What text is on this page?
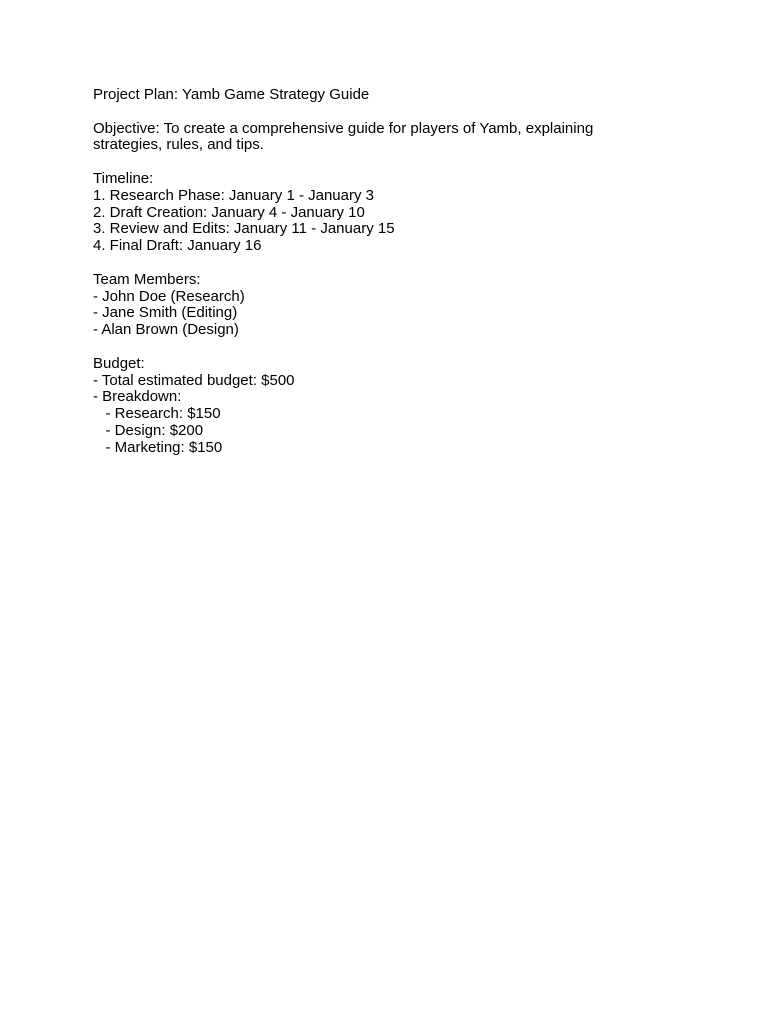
Project Plan: Yamb Game Strategy Guide
Objective: To create a comprehensive guide for players of Yamb, explaining strategies, rules, and tips.
Timeline:
1. Research Phase: January 1 - January 3
2. Draft Creation: January 4 - January 10
3. Review and Edits: January 11 - January 15
4. Final Draft: January 16
Team Members:
- John Doe (Research)
- Jane Smith (Editing)
- Alan Brown (Design)
Budget:
- Total estimated budget: $500
- Breakdown:
- Research: $150
- Design: $200
- Marketing: $150
